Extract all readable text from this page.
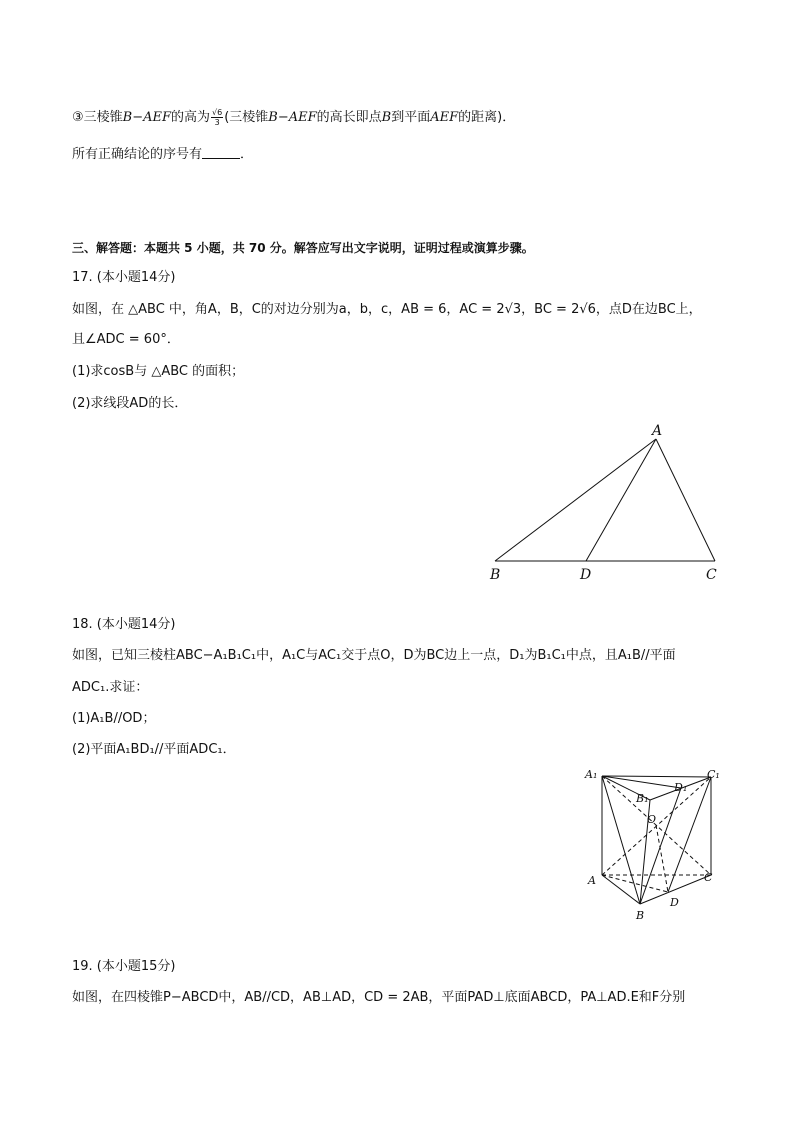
③三棱锥B−AEF的高为 $\frac{√6}{3}$ (三棱锥B−AEF的高长即点B到平面AEF的距离)．
所有正确结论的序号有	．
三、解答题：本题共 5 小题，共 70 分。解答应写出文字说明，证明过程或演算步骤。
17. (本小题14分)
如图，在 △ABC 中，角A，B，C的对边分别为a，b，c，AB = 6，AC = 2√3，BC = 2√6，点D在边BC上，
且∠ADC = 60°．
(1)求cosB与 △ABC 的面积；
(2)求线段AD的长．
A
B	D	C
18. (本小题14分)
如图，已知三棱柱ABC−A₁B₁C₁中，A₁C与AC₁交于点O，D为BC边上一点，D₁为B₁C₁中点，且A₁B//平面
ADC₁.求证：
(1)A₁B//OD；
(2)平面A₁BD₁//平面ADC₁．
A₁	C₁
D₁
B₁
O
A	C
D
B
19. (本小题15分)
如图，在四棱锥P−ABCD中，AB//CD，AB⊥AD，CD = 2AB，平面PAD⊥底面ABCD，PA⊥AD.E和F分别
